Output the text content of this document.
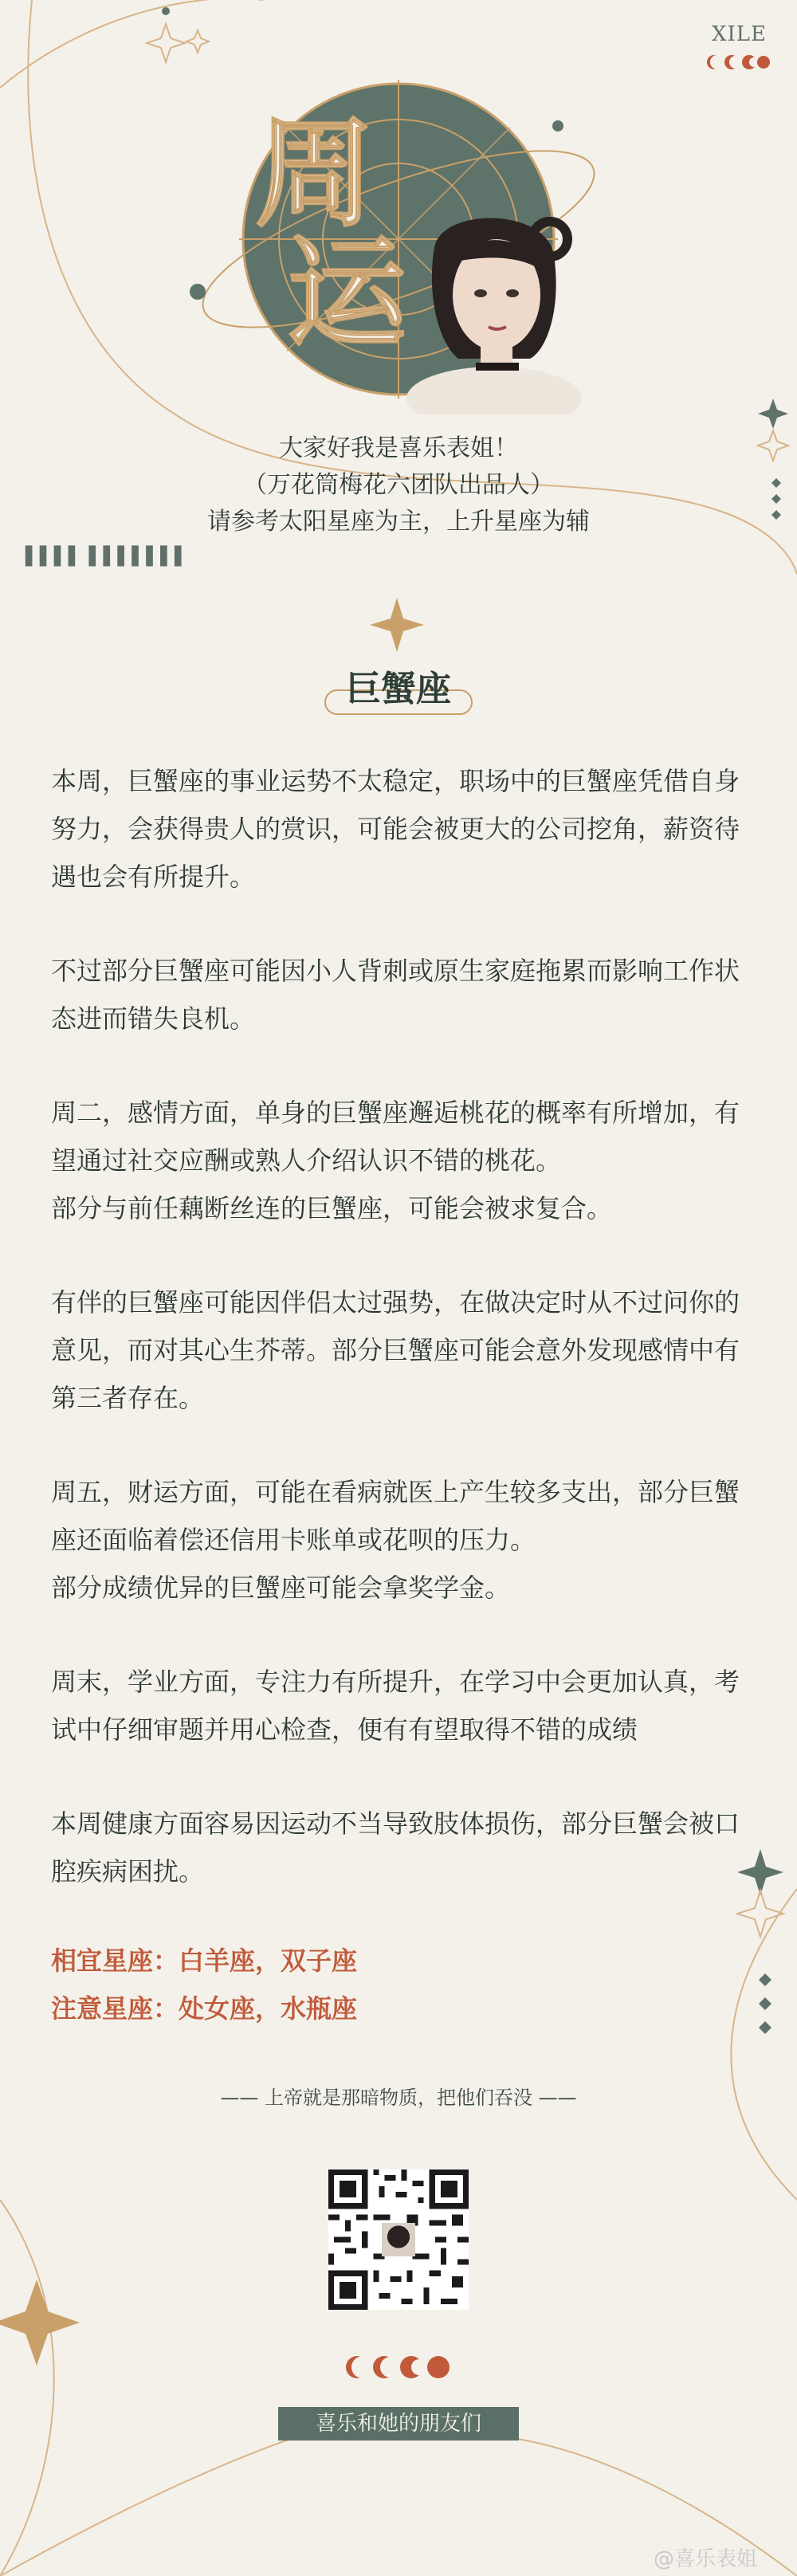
周
运
XILE
大家好我是喜乐表姐！
（万花筒梅花六团队出品人）
请参考太阳星座为主，上升星座为辅
▌▌▌▌ ▌▌▌▌▌▌▌
巨蟹座

本周，巨蟹座的事业运势不太稳定，职场中的巨蟹座凭借自身努力，会获得贵人的赏识，可能会被更大的公司挖角，薪资待遇也会有所提升。

不过部分巨蟹座可能因小人背刺或原生家庭拖累而影响工作状态进而错失良机。

周二，感情方面，单身的巨蟹座邂逅桃花的概率有所增加，有望通过社交应酬或熟人介绍认识不错的桃花。

部分与前任藕断丝连的巨蟹座，可能会被求复合。

有伴的巨蟹座可能因伴侣太过强势，在做决定时从不过问你的意见，而对其心生芥蒂。部分巨蟹座可能会意外发现感情中有第三者存在。

周五，财运方面，可能在看病就医上产生较多支出，部分巨蟹座还面临着偿还信用卡账单或花呗的压力。

部分成绩优异的巨蟹座可能会拿奖学金。

周末，学业方面，专注力有所提升，在学习中会更加认真，考试中仔细审题并用心检查，便有有望取得不错的成绩

本周健康方面容易因运动不当导致肢体损伤，部分巨蟹会被口腔疾病困扰。

相宜星座：白羊座，双子座
注意星座：处女座，水瓶座
—— 上帝就是那暗物质，把他们吞没 ——
喜乐和她的朋友们
@喜乐表姐
